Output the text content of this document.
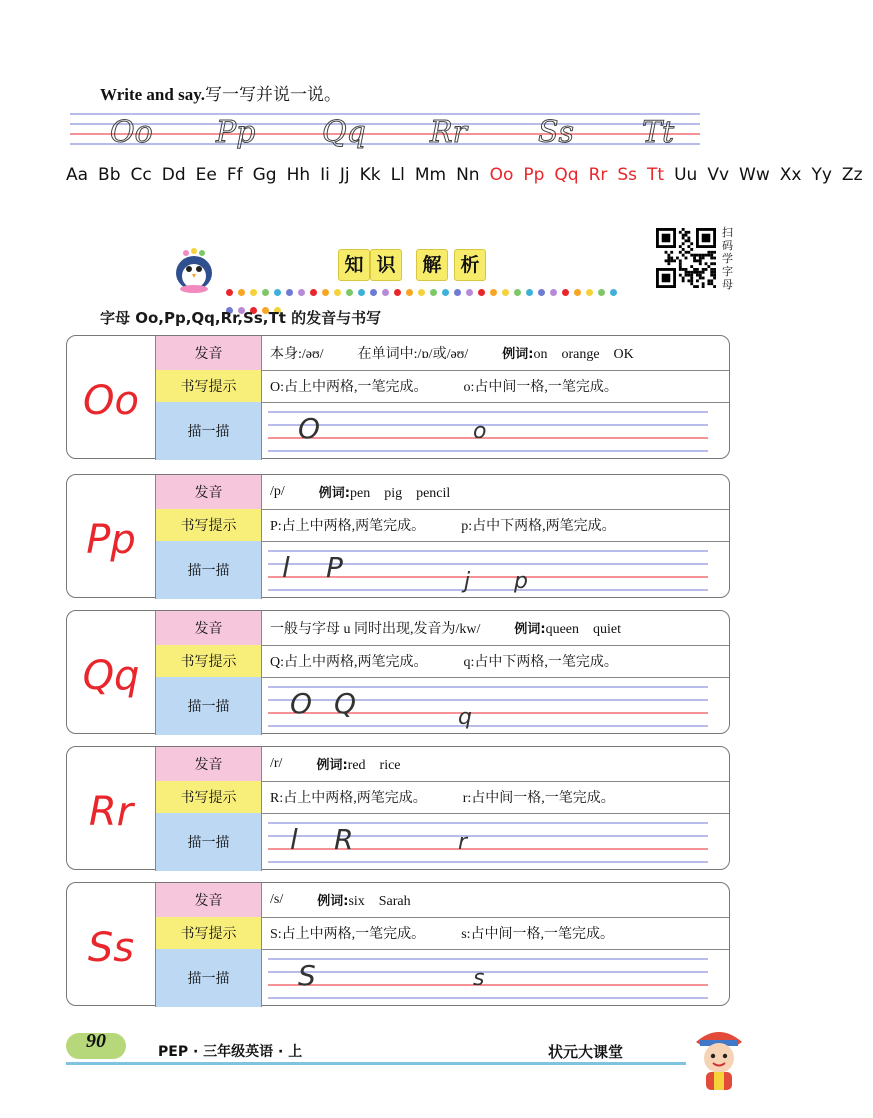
Write and say.写一写并说一说。
Oo Pp Qq Rr Ss Tt
Aa Bb Cc Dd Ee Ff Gg Hh Ii Jj Kk Ll Mm Nn Oo Pp Qq Rr Ss Tt Uu Vv Ww Xx Yy Zz
知 识	解 析
扫
码
学
字
母
字母 Oo,Pp,Qq,Rr,Ss,Tt 的发音与书写
Oo
发音	本身:/əʊ/ 在单词中:/ɒ/或/əʊ/	例词:on　orange　OK
书写提示	O:占上中两格,一笔完成。	o:占中间一格,一笔完成。
描一描	O	o
Pp
发音	/p/	例词:pen　pig　pencil
书写提示	P:占上中两格,两笔完成。	p:占中下两格,两笔完成。
描一描	l P	j p
Qq
发音	一般与字母 u 同时出现,发音为/kw/	例词:queen　quiet
书写提示	Q:占上中两格,两笔完成。	q:占中下两格,一笔完成。
描一描	O Q	q
Rr
发音	/r/	例词:red　rice
书写提示	R:占上中两格,两笔完成。	r:占中间一格,一笔完成。
描一描	l R	r
Ss
发音	/s/	例词:six　Sarah
书写提示	S:占上中两格,一笔完成。	s:占中间一格,一笔完成。
描一描	S	s
90	PEP · 三年级英语 · 上	状元大课堂
